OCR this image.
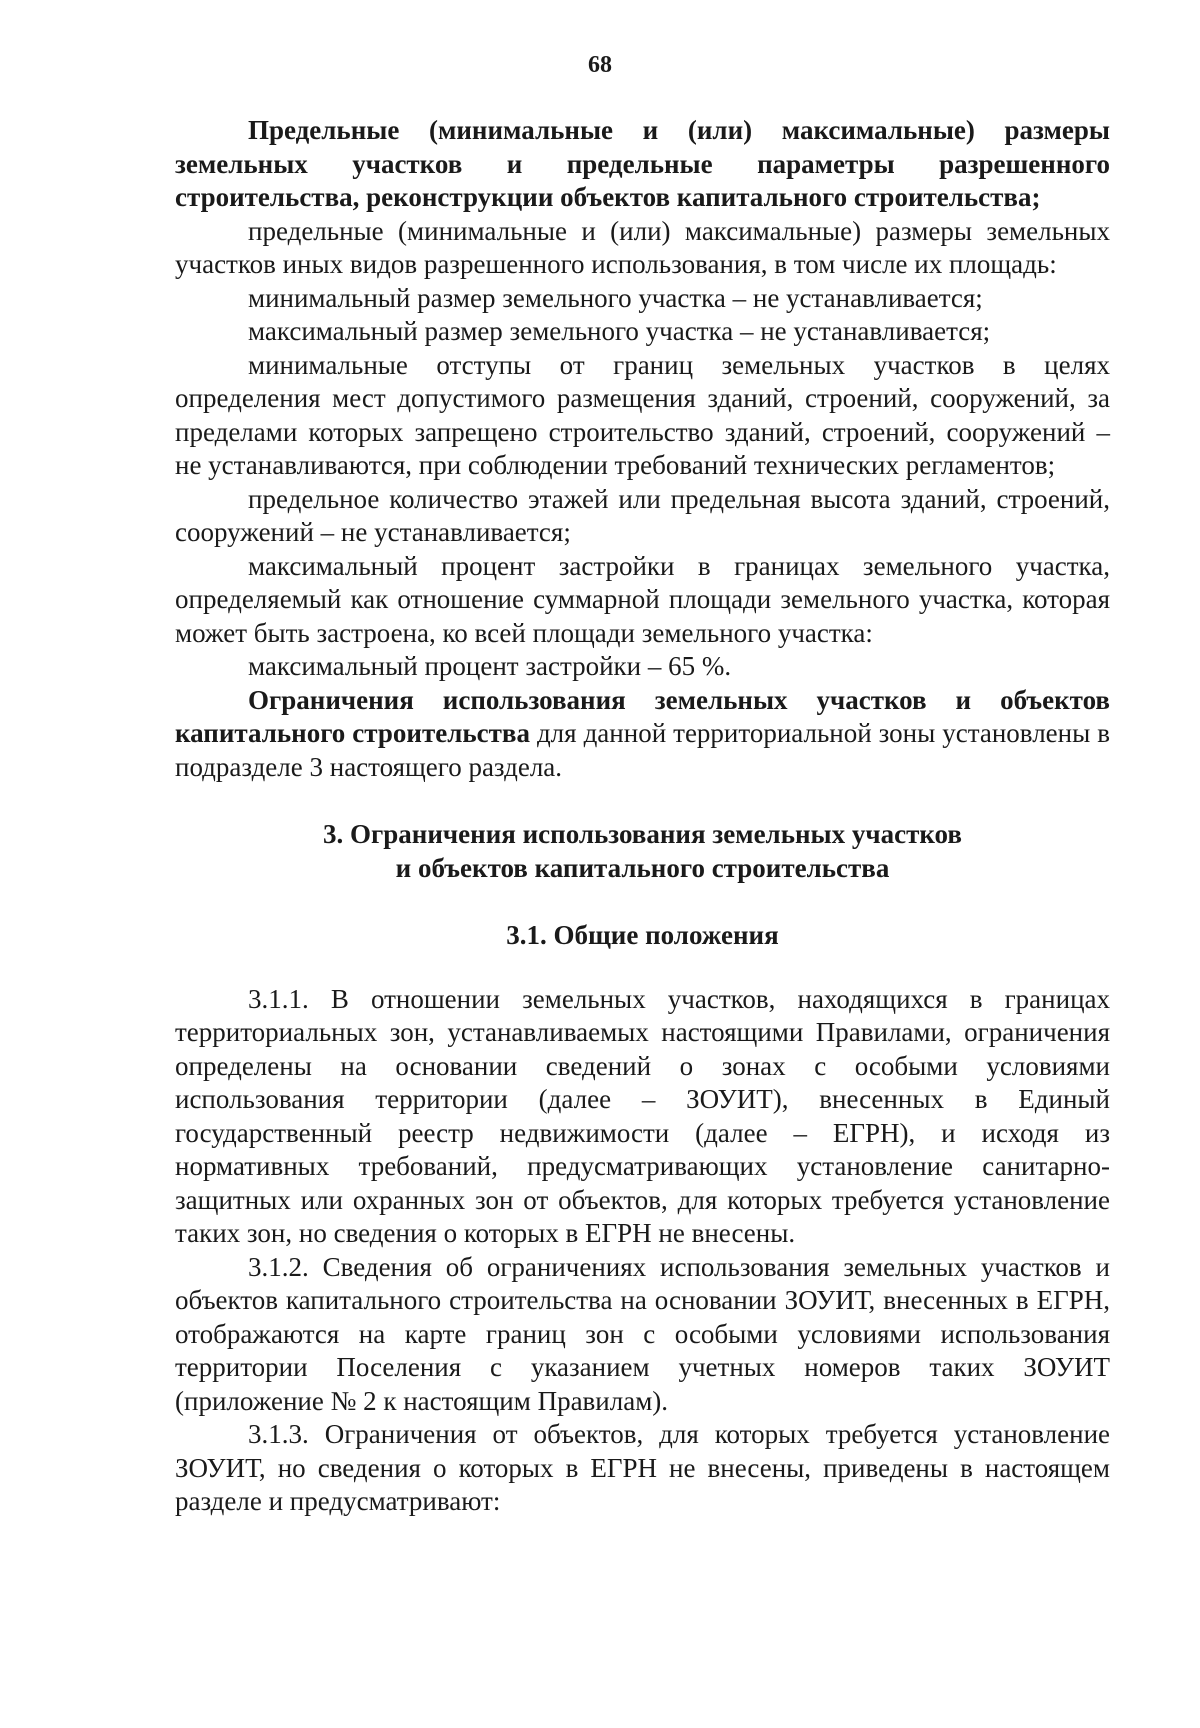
68

Предельные (минимальные и (или) максимальные) размеры земельных участков и предельные параметры разрешенного строительства, реконструкции объектов капитального строительства;

предельные (минимальные и (или) максимальные) размеры земельных участков иных видов разрешенного использования, в том числе их площадь:

минимальный размер земельного участка – не устанавливается;

максимальный размер земельного участка – не устанавливается;

минимальные отступы от границ земельных участков в целях определения мест допустимого размещения зданий, строений, сооружений, за пределами которых запрещено строительство зданий, строений, сооружений – не устанавливаются, при соблюдении требований технических регламентов;

предельное количество этажей или предельная высота зданий, строений, сооружений – не устанавливается;

максимальный процент застройки в границах земельного участка, определяемый как отношение суммарной площади земельного участка, которая может быть застроена, ко всей площади земельного участка:

максимальный процент застройки – 65 %.

Ограничения использования земельных участков и объектов капитального строительства для данной территориальной зоны установлены в подразделе 3 настоящего раздела.

3. Ограничения использования земельных участков

и объектов капитального строительства

3.1. Общие положения

3.1.1. В отношении земельных участков, находящихся в границах территориальных зон, устанавливаемых настоящими Правилами, ограничения определены на основании сведений о зонах с особыми условиями использования территории (далее – ЗОУИТ), внесенных в Единый государственный реестр недвижимости (далее – ЕГРН), и исходя из нормативных требований, предусматривающих установление санитарно-защитных или охранных зон от объектов, для которых требуется установление таких зон, но сведения о которых в ЕГРН не внесены.

3.1.2. Сведения об ограничениях использования земельных участков и объектов капитального строительства на основании ЗОУИТ, внесенных в ЕГРН, отображаются на карте границ зон с особыми условиями использования территории Поселения с указанием учетных номеров таких ЗОУИТ (приложение № 2 к настоящим Правилам).

3.1.3. Ограничения от объектов, для которых требуется установление ЗОУИТ, но сведения о которых в ЕГРН не внесены, приведены в настоящем разделе и предусматривают:
